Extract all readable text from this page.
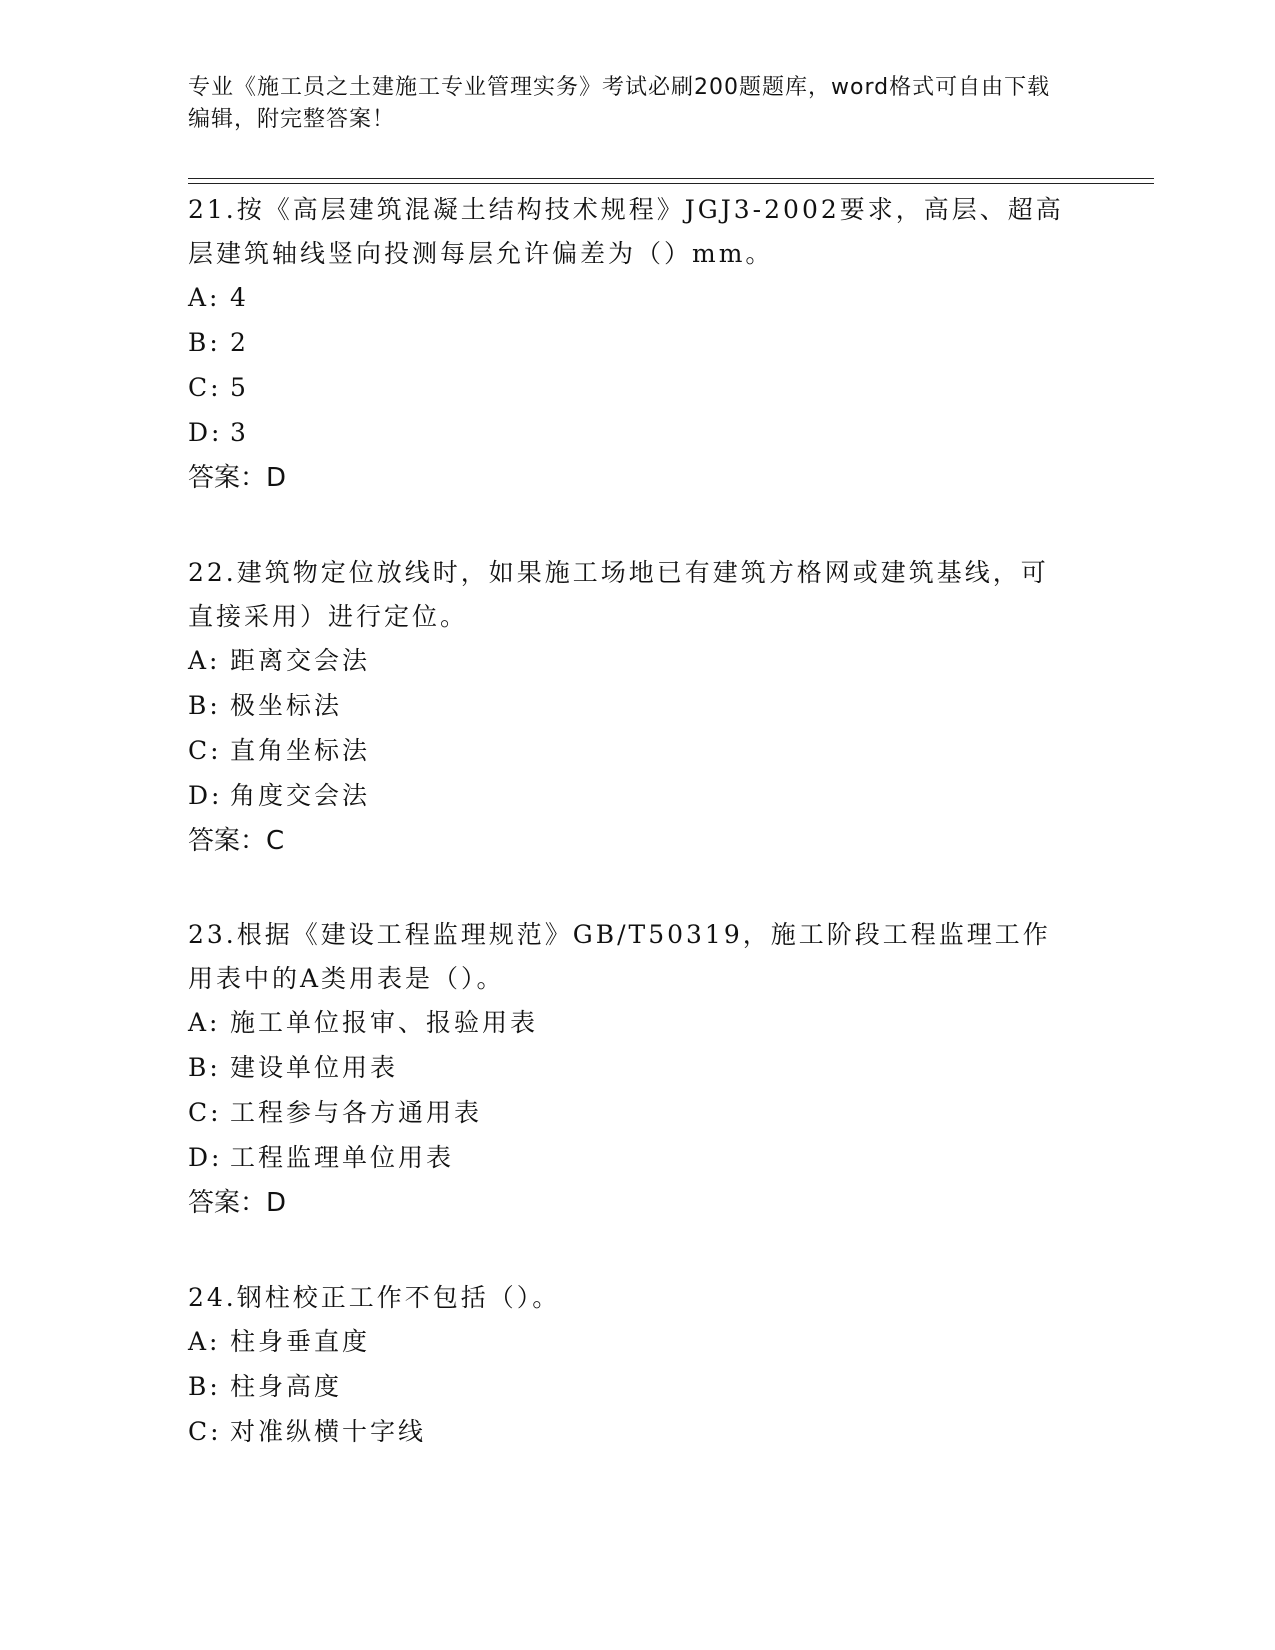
专业《施工员之土建施工专业管理实务》考试必刷200题题库，word格式可自由下载编辑，附完整答案！

21.按《高层建筑混凝土结构技术规程》JGJ3-2002要求，高层、超高层建筑轴线竖向投测每层允许偏差为（）mm。

A: 4
B: 2
C: 5
D: 3
答案：D

22.建筑物定位放线时，如果施工场地已有建筑方格网或建筑基线，可直接采用）进行定位。

A: 距离交会法
B: 极坐标法
C: 直角坐标法
D: 角度交会法
答案：C

23.根据《建设工程监理规范》GB/T50319，施工阶段工程监理工作用表中的A类用表是（）。

A: 施工单位报审、报验用表
B: 建设单位用表
C: 工程参与各方通用表
D: 工程监理单位用表
答案：D

24.钢柱校正工作不包括（）。

A: 柱身垂直度
B: 柱身高度
C: 对准纵横十字线
